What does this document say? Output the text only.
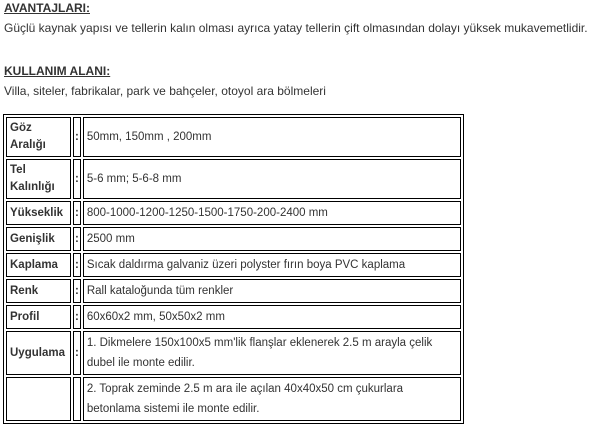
AVANTAJLARI:
Güçlü kaynak yapısı ve tellerin kalın olması ayrıca yatay tellerin çift olmasından dolayı yüksek mukavemetlidir.
KULLANIM ALANI:
Villa, siteler, fabrikalar, park ve bahçeler, otoyol ara bölmeleri
Göz Aralığı	:	50mm, 150mm , 200mm
Tel Kalınlığı	:	5-6 mm; 5-6-8 mm
Yükseklik	:	800-1000-1200-1250-1500-1750-200-2400 mm
Genişlik	:	2500 mm
Kaplama	:	Sıcak daldırma galvaniz üzeri polyster fırın boya PVC kaplama
Renk	:	Rall kataloğunda tüm renkler
Profil	:	60x60x2 mm, 50x50x2 mm
Uygulama	:	1. Dikmelere 150x100x5 mm'lik flanşlar eklenerek 2.5 m arayla çelik dubel ile monte edilir.
		2. Toprak zeminde 2.5 m ara ile açılan 40x40x50 cm çukurlara betonlama sistemi ile monte edilir.
